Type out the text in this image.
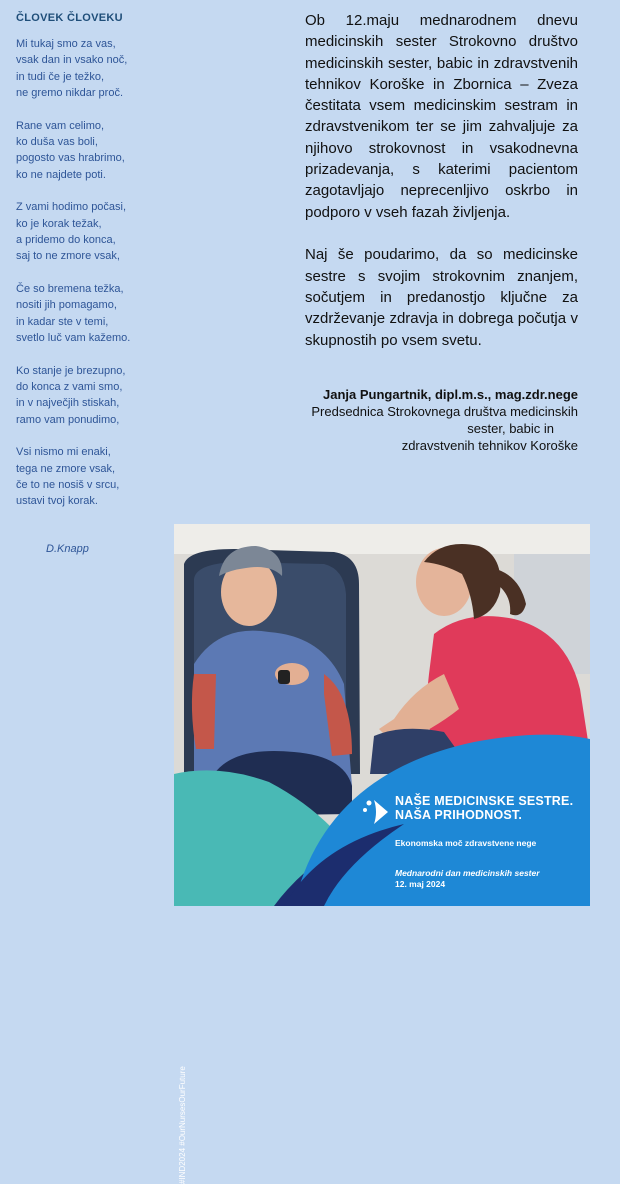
ČLOVEK ČLOVEKU
Mi tukaj smo za vas,
vsak dan in vsako noč,
in tudi če je težko,
ne gremo nikdar proč.
Rane vam celimo,
ko duša vas boli,
pogosto vas hrabrimo,
ko ne najdete poti.
Z vami hodimo počasi,
ko je korak težak,
a pridemo do konca,
saj to ne zmore vsak,
Če so bremena težka,
nositi jih pomagamo,
in kadar ste v temi,
svetlo luč vam kažemo.
Ko stanje je brezupno,
do konca z vami smo,
in v največjih stiskah,
ramo vam ponudimo,
Vsi nismo mi enaki,
tega ne zmore vsak,
če to ne nosiš v srcu,
ustavi tvoj korak.
D.Knapp

Ob 12.maju mednarodnem dnevu medicinskih sester Strokovno društvo medicinskih sester, babic in zdravstvenih tehnikov Koroške in Zbornica – Zveza čestitata vsem medicinskim sestram in zdravstvenikom ter se jim zahvaljuje za njihovo strokovnost in vsakodnevna prizadevanja, s katerimi pacientom zagotavljajo neprecenljivo oskrbo in podporo v vseh fazah življenja.

Naj še poudarimo, da so medicinske sestre s svojim strokovnim znanjem, sočutjem in predanostjo ključne za vzdrževanje zdravja in dobrega počutja v skupnostih po vsem svetu.

Janja Pungartnik, dipl.m.s., mag.zdr.nege
Predsednica Strokovnega društva medicinskih
sester, babic in
zdravstvenih tehnikov Koroške
NAŠE MEDICINSKE SESTRE.
NAŠA PRIHODNOST.
Ekonomska moč zdravstvene nege
Mednarodni dan medicinskih sester
12. maj 2024
#IND2024 #OurNursesOurFuture
